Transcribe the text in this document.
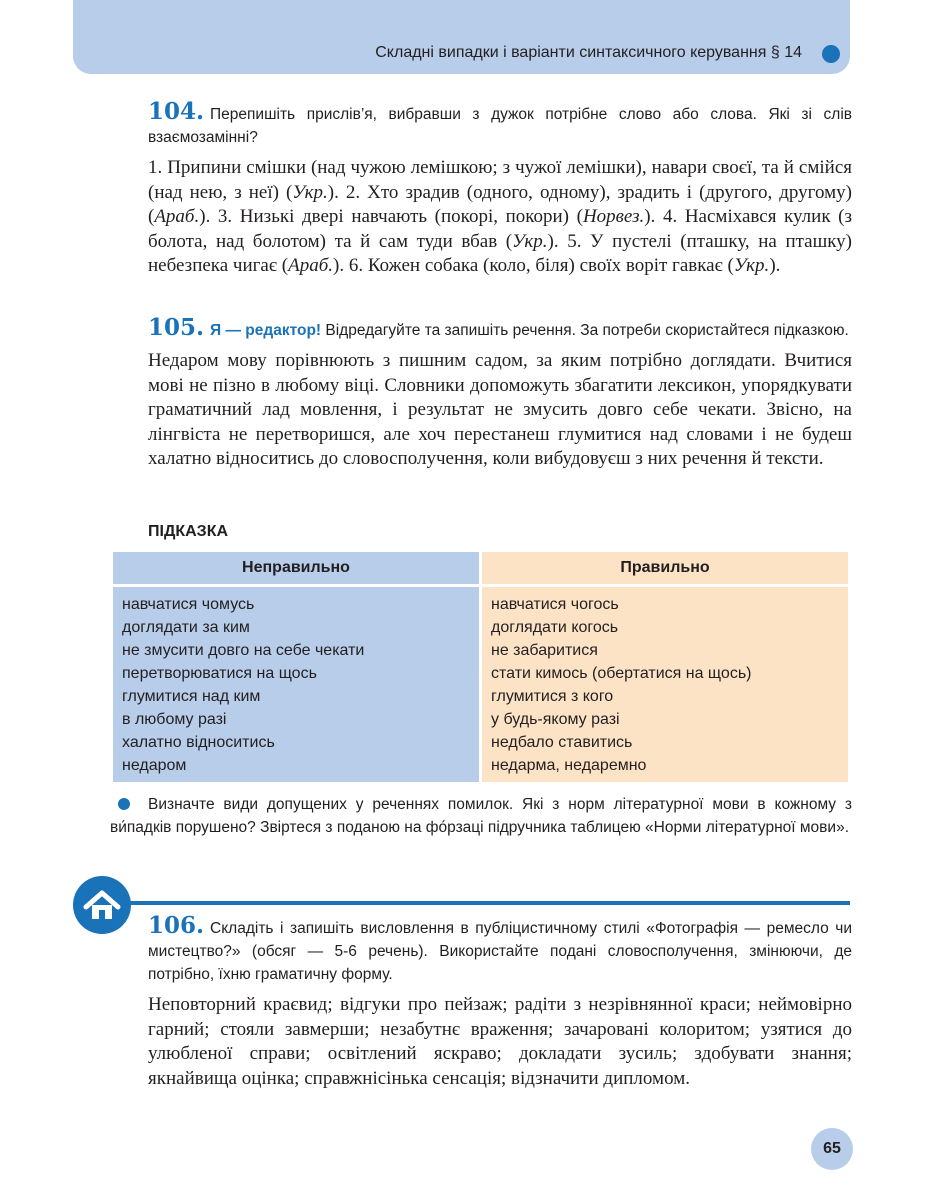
Складні випадки і варіанти синтаксичного керування § 14
104. Перепишіть прислів’я, вибравши з дужок потрібне слово або слова. Які зі слів взаємозамінні?
1. Припини смішки (над чужою лемішкою; з чужої лемішки), навари своєї, та й смійся (над нею, з неї) (Укр.). 2. Хто зрадив (одного, одному), зрадить і (другого, другому) (Араб.). 3. Низькі двері навчають (покорі, покори) (Норвез.). 4. Насміхався кулик (з болота, над болотом) та й сам туди вбав (Укр.). 5. У пустелі (пташку, на пташку) небезпека чигає (Араб.). 6. Кожен собака (коло, біля) своїх воріт гавкає (Укр.).
105. Я — редактор! Відредагуйте та запишіть речення. За потреби скористайтеся підказкою.
Недаром мову порівнюють з пишним садом, за яким потрібно доглядати. Вчитися мові не пізно в любому віці. Словники допоможуть збагатити лексикон, упорядкувати граматичний лад мовлення, і результат не змусить довго себе чекати. Звісно, на лінгвіста не перетворишся, але хоч перестанеш глумитися над словами і не будеш халатно відноситись до словосполучення, коли вибудовуєш з них речення й тексти.
ПІДКАЗКА
Неправильно
навчатися чомусь
доглядати за ким
не змусити довго на себе чекати
перетворюватися на щось
глумитися над ким
в любому разі
халатно відноситись
недаром
Правильно
навчатися чогось
доглядати когось
не забаритися
стати кимось (обертатися на щось)
глумитися з кого
у будь-якому разі
недбало ставитись
недарма, недаремно
Визначте види допущених у реченнях помилок. Які з норм літературної мови в кожному з ви́падків порушено? Звіртеся з поданою на фо́рзаці підручника таблицею «Норми літературної мови».
106. Складіть і запишіть висловлення в публіцистичному стилі «Фотографія — ремесло чи мистецтво?» (обсяг — 5-6 речень). Використайте подані словосполучення, змінюючи, де потрібно, їхню граматичну форму.
Неповторний краєвид; відгуки про пейзаж; радіти з незрівнянної краси; неймовірно гарний; стояли завмерши; незабутнє враження; зачаровані колоритом; узятися до улюбленої справи; освітлений яскраво; докладати зусиль; здобувати знання; якнайвища оцінка; справжнісінька сенсація; відзначити дипломом.
65
